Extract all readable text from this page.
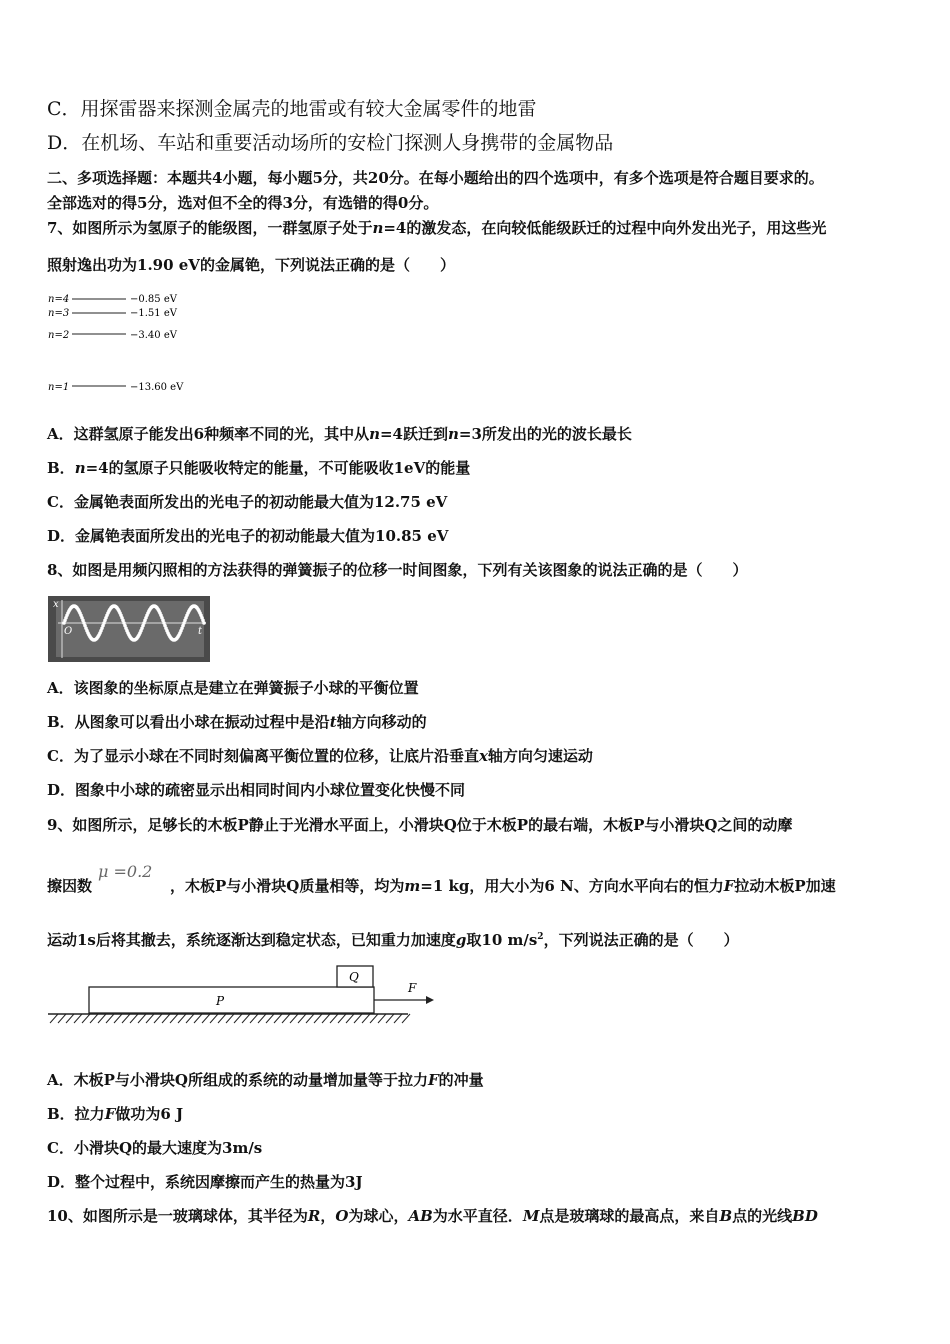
C．用探雷器来探测金属壳的地雷或有较大金属零件的地雷
D．在机场、车站和重要活动场所的安检门探测人身携带的金属物品
二、多项选择题：本题共4小题，每小题5分，共20分。在每小题给出的四个选项中，有多个选项是符合题目要求的。
全部选对的得5分，选对但不全的得3分，有选错的得0分。
7、如图所示为氢原子的能级图，一群氢原子处于n=4的激发态，在向较低能级跃迁的过程中向外发出光子，用这些光
照射逸出功为1.90 eV的金属铯，下列说法正确的是（　　）
n=4	−0.85 eV
n=3	−1.51 eV
n=2	−3.40 eV
n=1	−13.60 eV
A．这群氢原子能发出6种频率不同的光，其中从n=4跃迁到n=3所发出的光的波长最长
B．n=4的氢原子只能吸收特定的能量，不可能吸收1eV的能量
C．金属铯表面所发出的光电子的初动能最大值为12.75 eV
D．金属铯表面所发出的光电子的初动能最大值为10.85 eV
8、如图是用频闪照相的方法获得的弹簧振子的位移一时间图象，下列有关该图象的说法正确的是（　　）
x
t
O
A．该图象的坐标原点是建立在弹簧振子小球的平衡位置
B．从图象可以看出小球在振动过程中是沿t轴方向移动的
C．为了显示小球在不同时刻偏离平衡位置的位移，让底片沿垂直x轴方向匀速运动
D．图象中小球的疏密显示出相同时间内小球位置变化快慢不同
9、如图所示，足够长的木板P静止于光滑水平面上，小滑块Q位于木板P的最右端，木板P与小滑块Q之间的动摩
μ =0.2
擦因数	，木板P与小滑块Q质量相等，均为m=1 kg，用大小为6 N、方向水平向右的恒力F拉动木板P加速
运动1s后将其撤去，系统逐渐达到稳定状态，已知重力加速度g取10 $m/s^2$，下列说法正确的是（　　）
P
Q
F
A．木板P与小滑块Q所组成的系统的动量增加量等于拉力F的冲量
B．拉力F做功为6 J
C．小滑块Q的最大速度为3m/s
D．整个过程中，系统因摩擦而产生的热量为3J
10、如图所示是一玻璃球体，其半径为R，O为球心，AB为水平直径．M点是玻璃球的最高点，来自B点的光线BD
